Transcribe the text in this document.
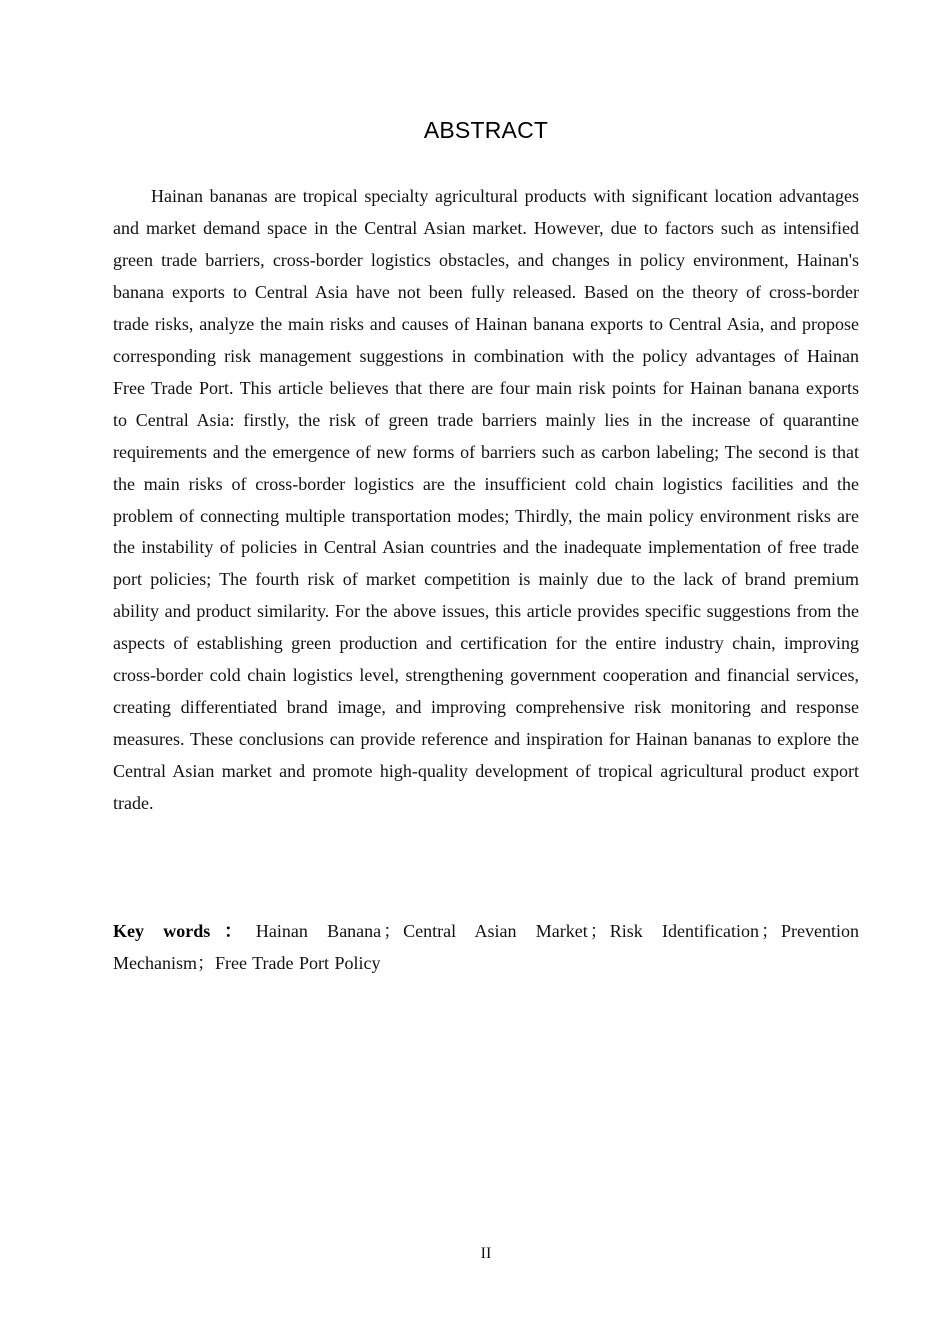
ABSTRACT

Hainan bananas are tropical specialty agricultural products with significant location advantages and market demand space in the Central Asian market. However, due to factors such as intensified green trade barriers, cross-border logistics obstacles, and changes in policy environment, Hainan's banana exports to Central Asia have not been fully released. Based on the theory of cross-border trade risks, analyze the main risks and causes of Hainan banana exports to Central Asia, and propose corresponding risk management suggestions in combination with the policy advantages of Hainan Free Trade Port. This article believes that there are four main risk points for Hainan banana exports to Central Asia: firstly, the risk of green trade barriers mainly lies in the increase of quarantine requirements and the emergence of new forms of barriers such as carbon labeling; The second is that the main risks of cross-border logistics are the insufficient cold chain logistics facilities and the problem of connecting multiple transportation modes; Thirdly, the main policy environment risks are the instability of policies in Central Asian countries and the inadequate implementation of free trade port policies; The fourth risk of market competition is mainly due to the lack of brand premium ability and product similarity. For the above issues, this article provides specific suggestions from the aspects of establishing green production and certification for the entire industry chain, improving cross-border cold chain logistics level, strengthening government cooperation and financial services, creating differentiated brand image, and improving comprehensive risk monitoring and response measures. These conclusions can provide reference and inspiration for Hainan bananas to explore the Central Asian market and promote high-quality development of tropical agricultural product export trade.

Key words：Hainan Banana ； Central Asian Market ； Risk Identification ； Prevention Mechanism；Free Trade Port Policy

II
